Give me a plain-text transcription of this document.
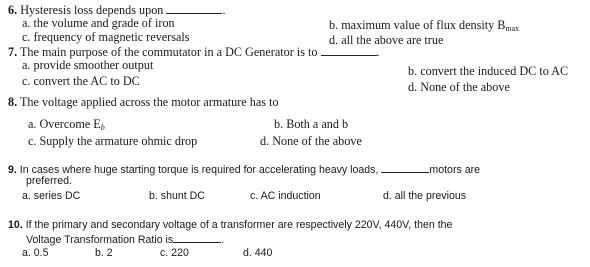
6. Hysteresis loss depends upon	.
a. the volume and grade of iron	b. maximum value of flux density Bmax
c. frequency of magnetic reversals	d. all the above are true
7. The main purpose of the commutator in a DC Generator is to	.
a. provide smoother output	b. convert the induced DC to AC
c. convert the AC to DC	d. None of the above
8. The voltage applied across the motor armature has to
a. Overcome Eb	b. Both a and b
c. Supply the armature ohmic drop	d. None of the above
9. In cases where huge starting torque is required for accelerating heavy loads,	motors are
preferred.
a. series DC	b. shunt DC	c. AC induction	d. all the previous
10. If the primary and secondary voltage of a transformer are respectively 220V, 440V, then the
Voltage Transformation Ratio is	.
a. 0.5	b. 2	c. 220	d. 440
